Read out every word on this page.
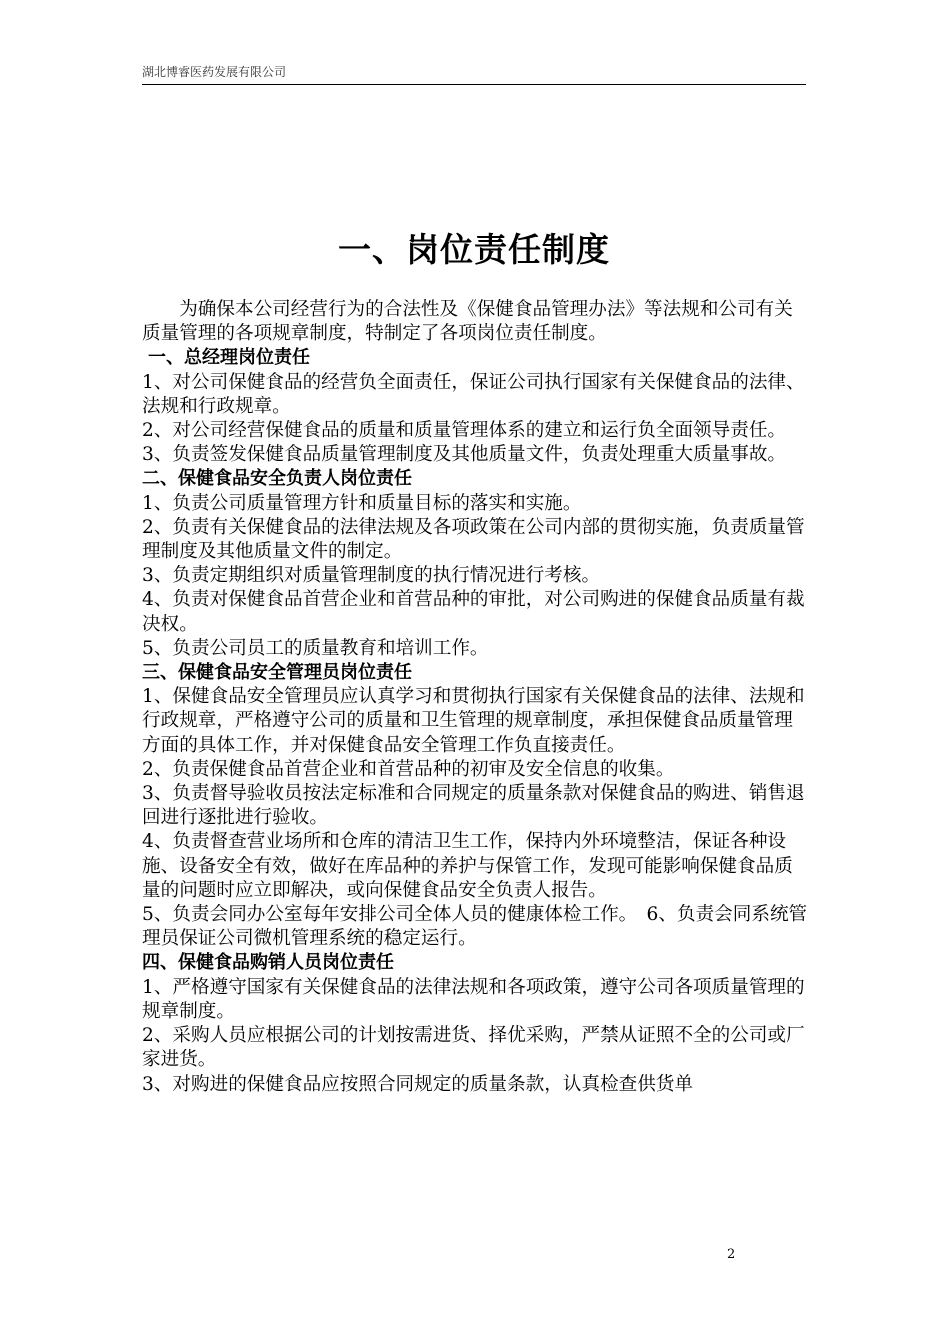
湖北博睿医药发展有限公司
一、岗位责任制度

为确保本公司经营行为的合法性及《保健食品管理办法》等法规和公司有关质量管理的各项规章制度，特制定了各项岗位责任制度。

一、总经理岗位责任

1、对公司保健食品的经营负全面责任，保证公司执行国家有关保健食品的法律、法规和行政规章。

2、对公司经营保健食品的质量和质量管理体系的建立和运行负全面领导责任。

3、负责签发保健食品质量管理制度及其他质量文件，负责处理重大质量事故。

二、保健食品安全负责人岗位责任

1、负责公司质量管理方针和质量目标的落实和实施。

2、负责有关保健食品的法律法规及各项政策在公司内部的贯彻实施，负责质量管理制度及其他质量文件的制定。

3、负责定期组织对质量管理制度的执行情况进行考核。

4、负责对保健食品首营企业和首营品种的审批，对公司购进的保健食品质量有裁决权。

5、负责公司员工的质量教育和培训工作。

三、保健食品安全管理员岗位责任

1、保健食品安全管理员应认真学习和贯彻执行国家有关保健食品的法律、法规和行政规章，严格遵守公司的质量和卫生管理的规章制度，承担保健食品质量管理方面的具体工作，并对保健食品安全管理工作负直接责任。

2、负责保健食品首营企业和首营品种的初审及安全信息的收集。

3、负责督导验收员按法定标准和合同规定的质量条款对保健食品的购进、销售退回进行逐批进行验收。

4、负责督查营业场所和仓库的清洁卫生工作，保持内外环境整洁，保证各种设施、设备安全有效，做好在库品种的养护与保管工作，发现可能影响保健食品质量的问题时应立即解决，或向保健食品安全负责人报告。

5、负责会同办公室每年安排公司全体人员的健康体检工作。　6、负责会同系统管理员保证公司微机管理系统的稳定运行。

四、保健食品购销人员岗位责任

1、严格遵守国家有关保健食品的法律法规和各项政策，遵守公司各项质量管理的规章制度。

2、采购人员应根据公司的计划按需进货、择优采购，严禁从证照不全的公司或厂家进货。

3、对购进的保健食品应按照合同规定的质量条款，认真检查供货单

2
